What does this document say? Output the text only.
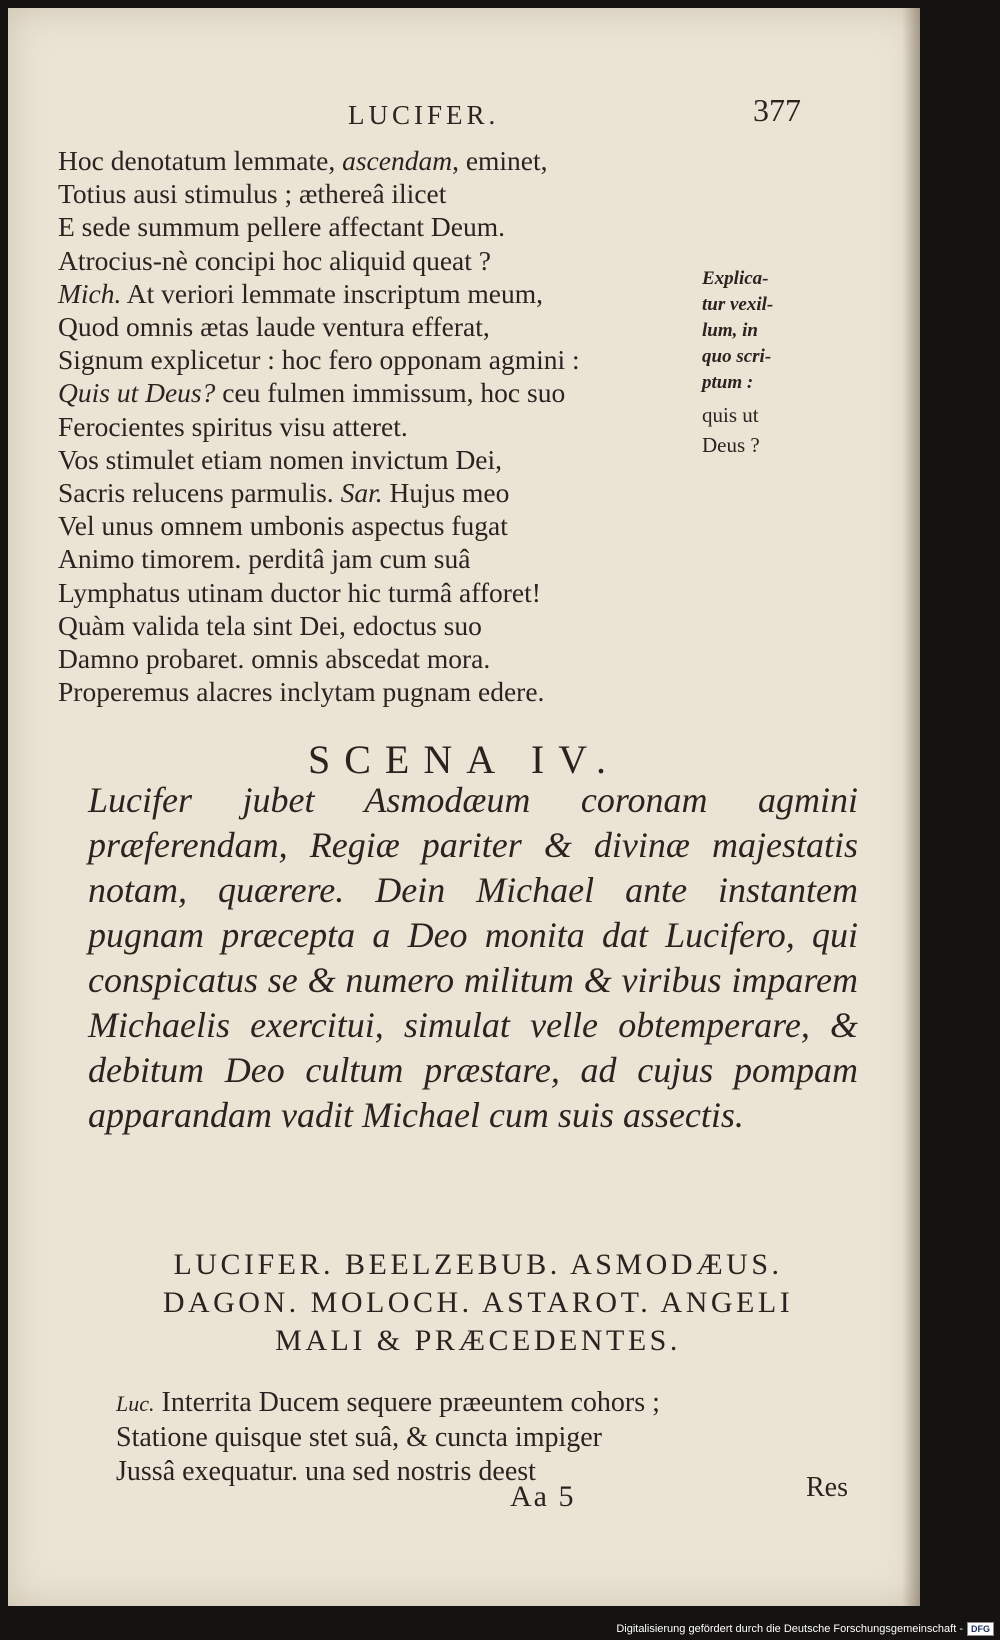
LUCIFER.	377
Hoc denotatum lemmate, ascendam, eminet,
Totius ausi stimulus ; æthereâ ilicet
E sede summum pellere affectant Deum.
Atrocius-nè concipi hoc aliquid queat ?
Mich. At veriori lemmate inscriptum meum,
Quod omnis ætas laude ventura efferat,
Signum explicetur : hoc fero opponam agmini :
Quis ut Deus? ceu fulmen immissum, hoc suo
Ferocientes spiritus visu atteret.
Vos stimulet etiam nomen invictum Dei,
Sacris relucens parmulis. Sar. Hujus meo
Vel unus omnem umbonis aspectus fugat
Animo timorem. perditâ jam cum suâ
Lymphatus utinam ductor hic turmâ afforet!
Quàm valida tela sint Dei, edoctus suo
Damno probaret. omnis abscedat mora.
Properemus alacres inclytam pugnam edere.
Explica-
tur vexil-
lum, in
quo scri-
ptum :
quis ut
Deus ?
SCENA IV.
Lucifer jubet Asmodæum coronam agmini præferendam, Regiæ pariter & divinæ majestatis notam, quærere. Dein Michael ante instantem pugnam præcepta a Deo monita dat Lucifero, qui conspicatus se & numero militum & viribus imparem Michaelis exercitui, simulat velle obtemperare, & debitum Deo cultum præstare, ad cujus pompam apparandam vadit Michael cum suis assectis.
LUCIFER. BEELZEBUB. ASMODÆUS.
DAGON. MOLOCH. ASTAROT. ANGELI
MALI & PRÆCEDENTES.
Luc. Interrita Ducem sequere præeuntem cohors ;
Statione quisque stet suâ, & cuncta impiger
Jussâ exequatur. una sed nostris deest
Aa 5	Res
Digitalisierung gefördert durch die Deutsche Forschungsgemeinschaft - DFG
